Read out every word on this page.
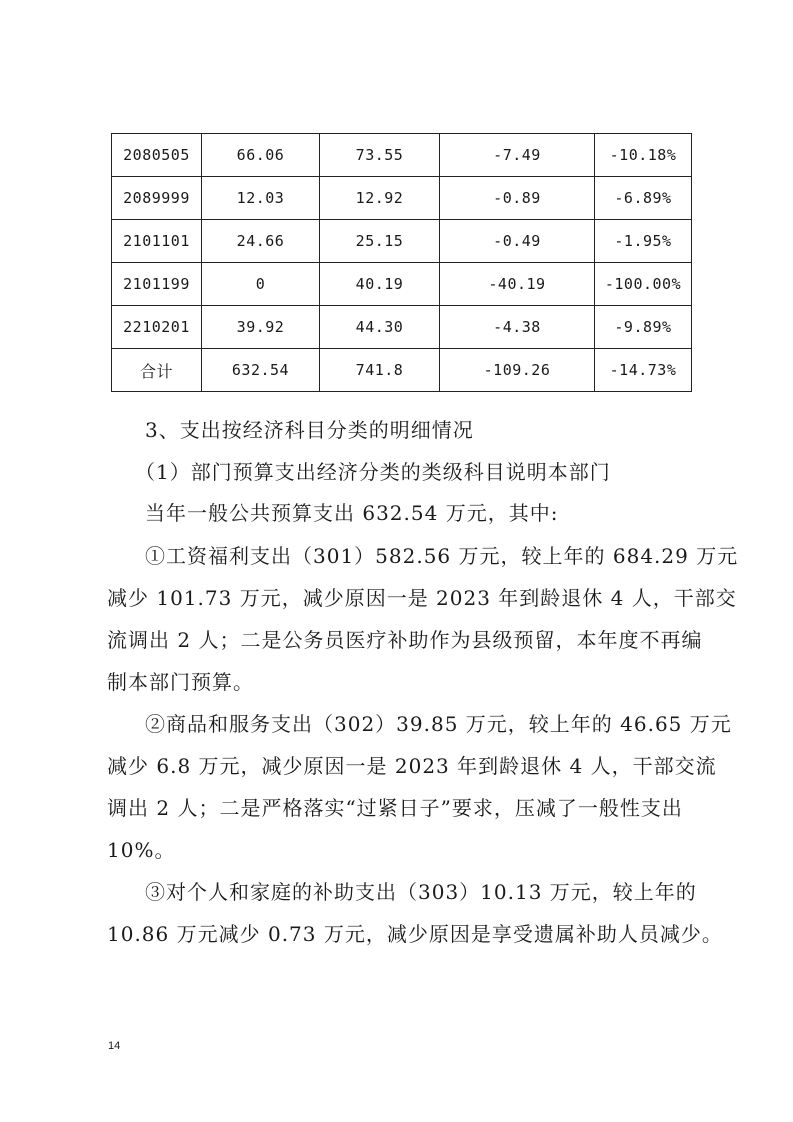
2080505	66.06	73.55	-7.49	-10.18%
2089999	12.03	12.92	-0.89	-6.89%
2101101	24.66	25.15	-0.49	-1.95%
2101199	0	40.19	-40.19	-100.00%
2210201	39.92	44.30	-4.38	-9.89%
合计	632.54	741.8	-109.26	-14.73%

3、支出按经济科目分类的明细情况

（1）部门预算支出经济分类的类级科目说明本部门

当年一般公共预算支出 632.54 万元，其中:

①工资福利支出（301）582.56 万元，较上年的 684.29 万元
减少 101.73 万元，减少原因一是 2023 年到龄退休 4 人，干部交
流调出 2 人；二是公务员医疗补助作为县级预留，本年度不再编
制本部门预算。
②商品和服务支出（302）39.85 万元，较上年的 46.65 万元
减少 6.8 万元，减少原因一是 2023 年到龄退休 4 人，干部交流
调出 2 人；二是严格落实“过紧日子”要求，压减了一般性支出
10%。
③对个人和家庭的补助支出（303）10.13 万元，较上年的
10.86 万元减少 0.73 万元，减少原因是享受遗属补助人员减少。
14
